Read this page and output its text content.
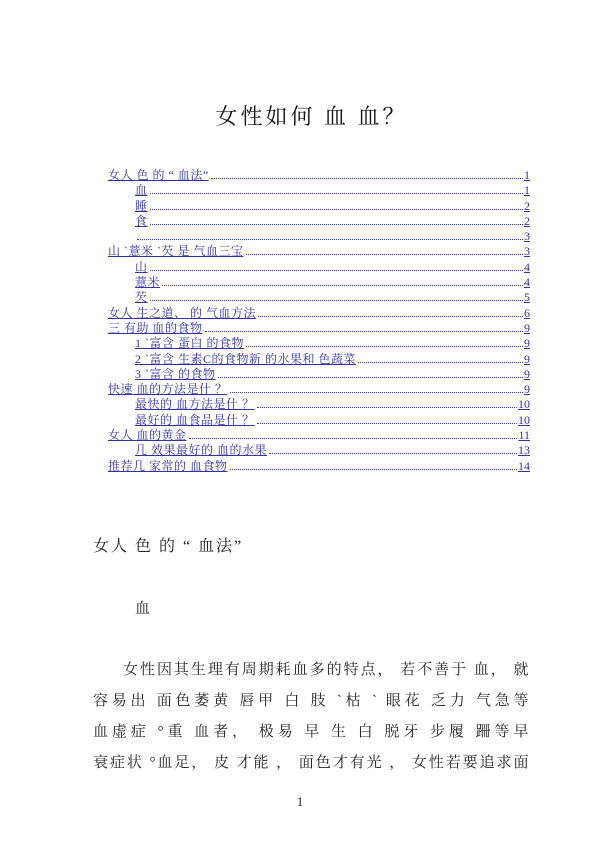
女性如何 血 血？
女人 色 的 “ 血法”	1
血	1
睡	2
食	2
3
山 `薏米 `芡 是 气血三宝	3
山	4
薏米	4
芡	5
女人 生之道、 的 气血方法	6
三 有助 血的食物	9
1 `富含 蛋白 的食物	9
2 `富含 生素C的食物新 的水果和 色蔬菜	9
3 `富含 的食物	9
快速 血的方法是什 ？	9
最快的 血方法是什 ？	10
最好的 血食品是什 ？	10
女人 血的黄金	11
几 效果最好的 血的水果	13
推荐几 家常的 血食物	14
女人 色 的 “ 血法”
血
女性因其生理有周期耗血多的特点， 若不善于 血， 就
容易出 面色萎黄 唇甲 白 肢 `枯 ` 眼花 乏力 气急等
血虚症 °重 血者， 极易 早 生 白 脱牙 步履 跚等早
衰症状 °血足， 皮 才能 ， 面色才有光 ， 女性若要追求面
1
